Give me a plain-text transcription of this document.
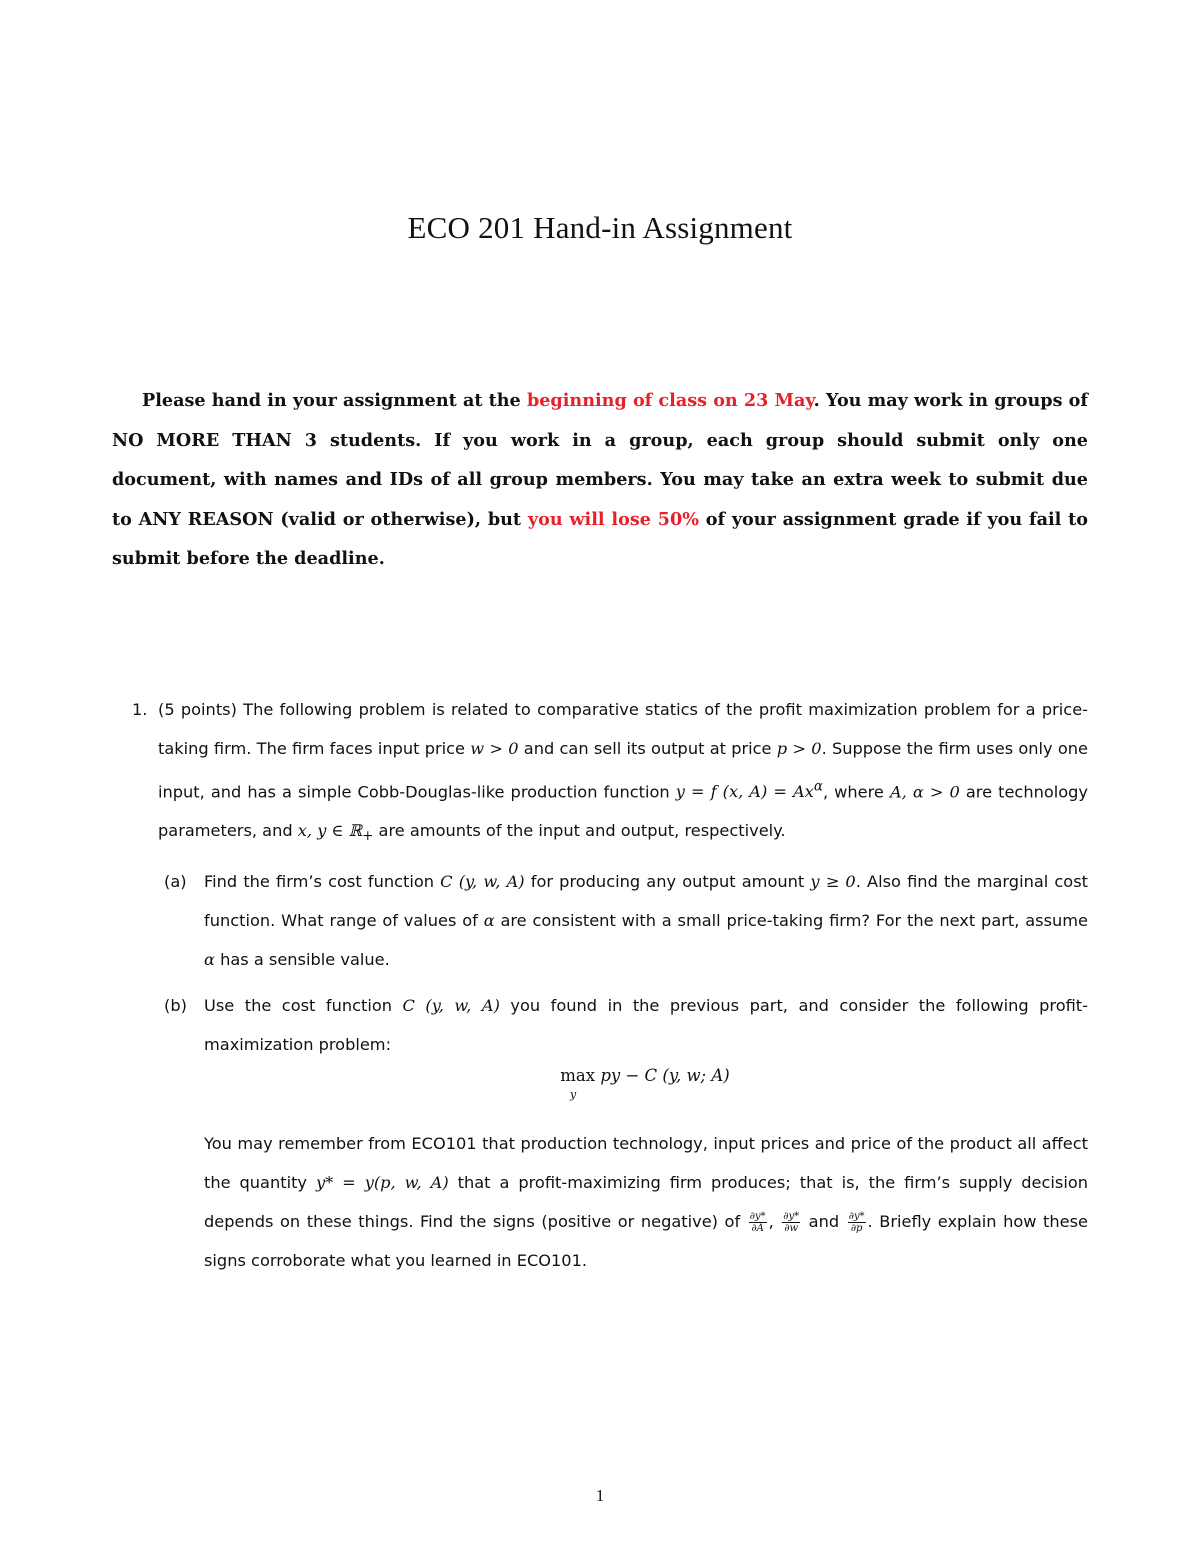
ECO 201 Hand-in Assignment
Please hand in your assignment at the beginning of class on 23 May. You may work in groups of NO MORE THAN 3 students. If you work in a group, each group should submit only one document, with names and IDs of all group members. You may take an extra week to submit due to ANY REASON (valid or otherwise), but you will lose 50% of your assignment grade if you fail to submit before the deadline.
1. (5 points) The following problem is related to comparative statics of the profit maximization problem for a price-taking firm. The firm faces input price w > 0 and can sell its output at price p > 0. Suppose the firm uses only one input, and has a simple Cobb-Douglas-like production function y = f (x, $A) = Ax^\alpha$, where A, α > 0 are technology parameters, and x, y ∈ ℝ$_+$ are amounts of the input and output, respectively.
(a) Find the firm’s cost function C (y, w, A) for producing any output amount y ≥ 0. Also find the marginal cost function. What range of values of α are consistent with a small price-taking firm? For the next part, assume α has a sensible value.
(b) Use the cost function C (y, w, A) you found in the previous part, and consider the following profit-maximization problem:
max py − C (y, w; A)
y
You may remember from ECO101 that production technology, input prices and price of the product all affect the quantity y* = y(p, w, A) that a profit-maximizing firm produces; that is, the firm’s supply decision depends on these things. Find the signs (positive or negative) of $\frac{\partial y*}{\partial A}$ , $\frac{\partial y*}{\partial w}$ and $\frac{\partial y*}{\partial p}$ . Briefly explain how these signs corroborate what you learned in ECO101.
1
